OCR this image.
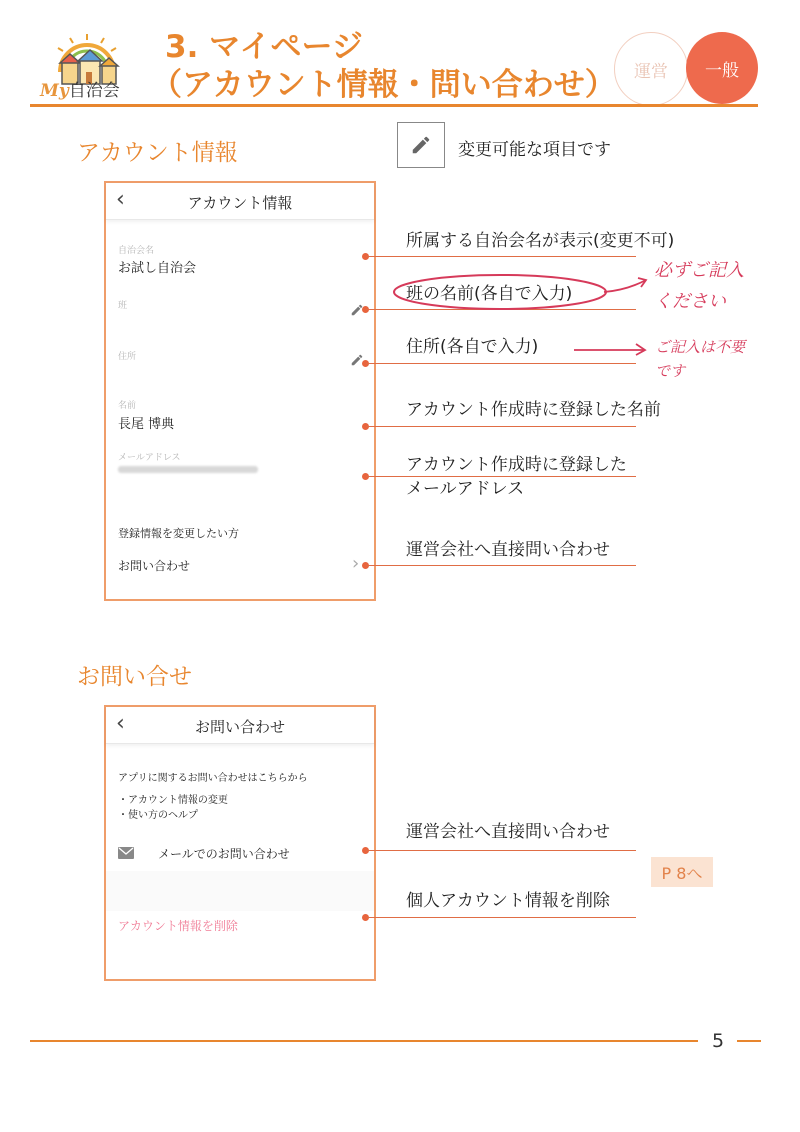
My自治会
3. マイページ
（アカウント情報・問い合わせ）	運営	一般
アカウント情報	変更可能な項目です
‹	アカウント情報
自治会名
お試し自治会
班
住所
名前
長尾 博典
メールアドレス
登録情報を変更したい方
お問い合わせ	›
所属する自治会名が表示(変更不可)
班の名前(各自で入力)
住所(各自で入力)
アカウント作成時に登録した名前
アカウント作成時に登録した
メールアドレス
運営会社へ直接問い合わせ
必ずご記入
ください
ご記入は不要
です
お問い合せ
‹	お問い合わせ
アプリに関するお問い合わせはこちらから
・アカウント情報の変更
・使い方のヘルプ
メールでのお問い合わせ
アカウント情報を削除
運営会社へ直接問い合わせ
個人アカウント情報を削除
P 8へ
5
